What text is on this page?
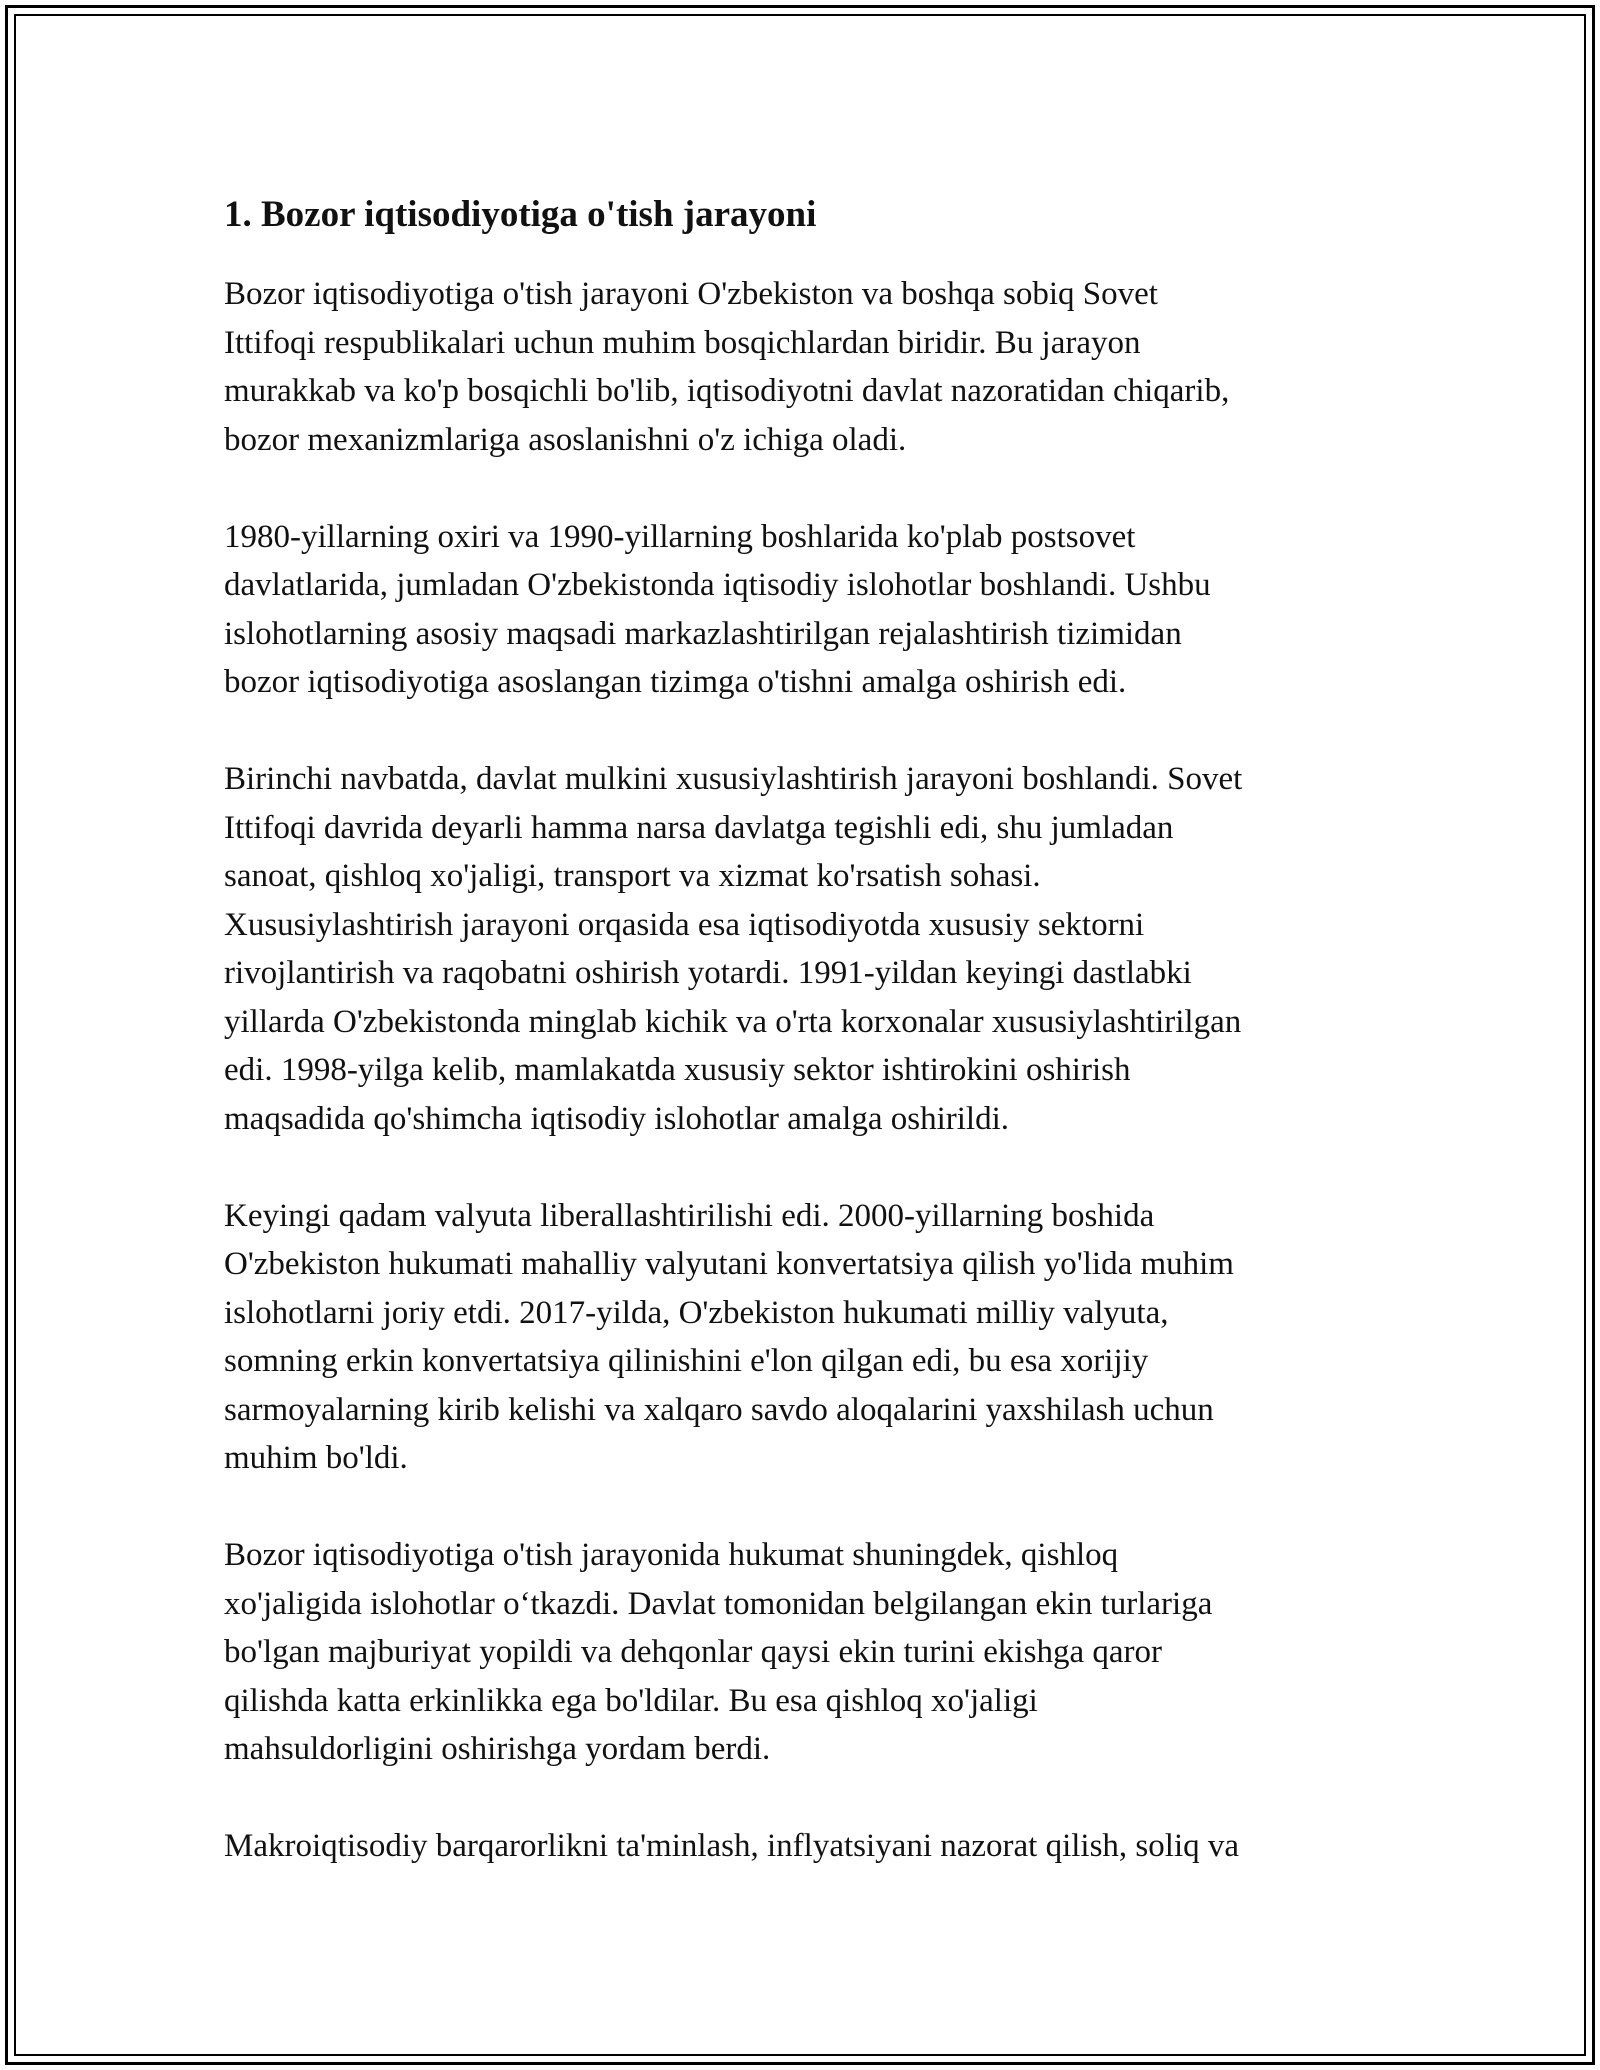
1. Bozor iqtisodiyotiga o'tish jarayoni

Bozor iqtisodiyotiga o'tish jarayoni O'zbekiston va boshqa sobiq Sovet
Ittifoqi respublikalari uchun muhim bosqichlardan biridir. Bu jarayon
murakkab va ko'p bosqichli bo'lib, iqtisodiyotni davlat nazoratidan chiqarib,
bozor mexanizmlariga asoslanishni o'z ichiga oladi.

1980-yillarning oxiri va 1990-yillarning boshlarida ko'plab postsovet
davlatlarida, jumladan O'zbekistonda iqtisodiy islohotlar boshlandi. Ushbu
islohotlarning asosiy maqsadi markazlashtirilgan rejalashtirish tizimidan
bozor iqtisodiyotiga asoslangan tizimga o'tishni amalga oshirish edi.

Birinchi navbatda, davlat mulkini xususiylashtirish jarayoni boshlandi. Sovet
Ittifoqi davrida deyarli hamma narsa davlatga tegishli edi, shu jumladan
sanoat, qishloq xo'jaligi, transport va xizmat ko'rsatish sohasi.
Xususiylashtirish jarayoni orqasida esa iqtisodiyotda xususiy sektorni
rivojlantirish va raqobatni oshirish yotardi. 1991-yildan keyingi dastlabki
yillarda O'zbekistonda minglab kichik va o'rta korxonalar xususiylashtirilgan
edi. 1998-yilga kelib, mamlakatda xususiy sektor ishtirokini oshirish
maqsadida qo'shimcha iqtisodiy islohotlar amalga oshirildi.

Keyingi qadam valyuta liberallashtirilishi edi. 2000-yillarning boshida
O'zbekiston hukumati mahalliy valyutani konvertatsiya qilish yo'lida muhim
islohotlarni joriy etdi. 2017-yilda, O'zbekiston hukumati milliy valyuta,
somning erkin konvertatsiya qilinishini e'lon qilgan edi, bu esa xorijiy
sarmoyalarning kirib kelishi va xalqaro savdo aloqalarini yaxshilash uchun
muhim bo'ldi.

Bozor iqtisodiyotiga o'tish jarayonida hukumat shuningdek, qishloq
xo'jaligida islohotlar o‘tkazdi. Davlat tomonidan belgilangan ekin turlariga
bo'lgan majburiyat yopildi va dehqonlar qaysi ekin turini ekishga qaror
qilishda katta erkinlikka ega bo'ldilar. Bu esa qishloq xo'jaligi
mahsuldorligini oshirishga yordam berdi.

Makroiqtisodiy barqarorlikni ta'minlash, inflyatsiyani nazorat qilish, soliq va
